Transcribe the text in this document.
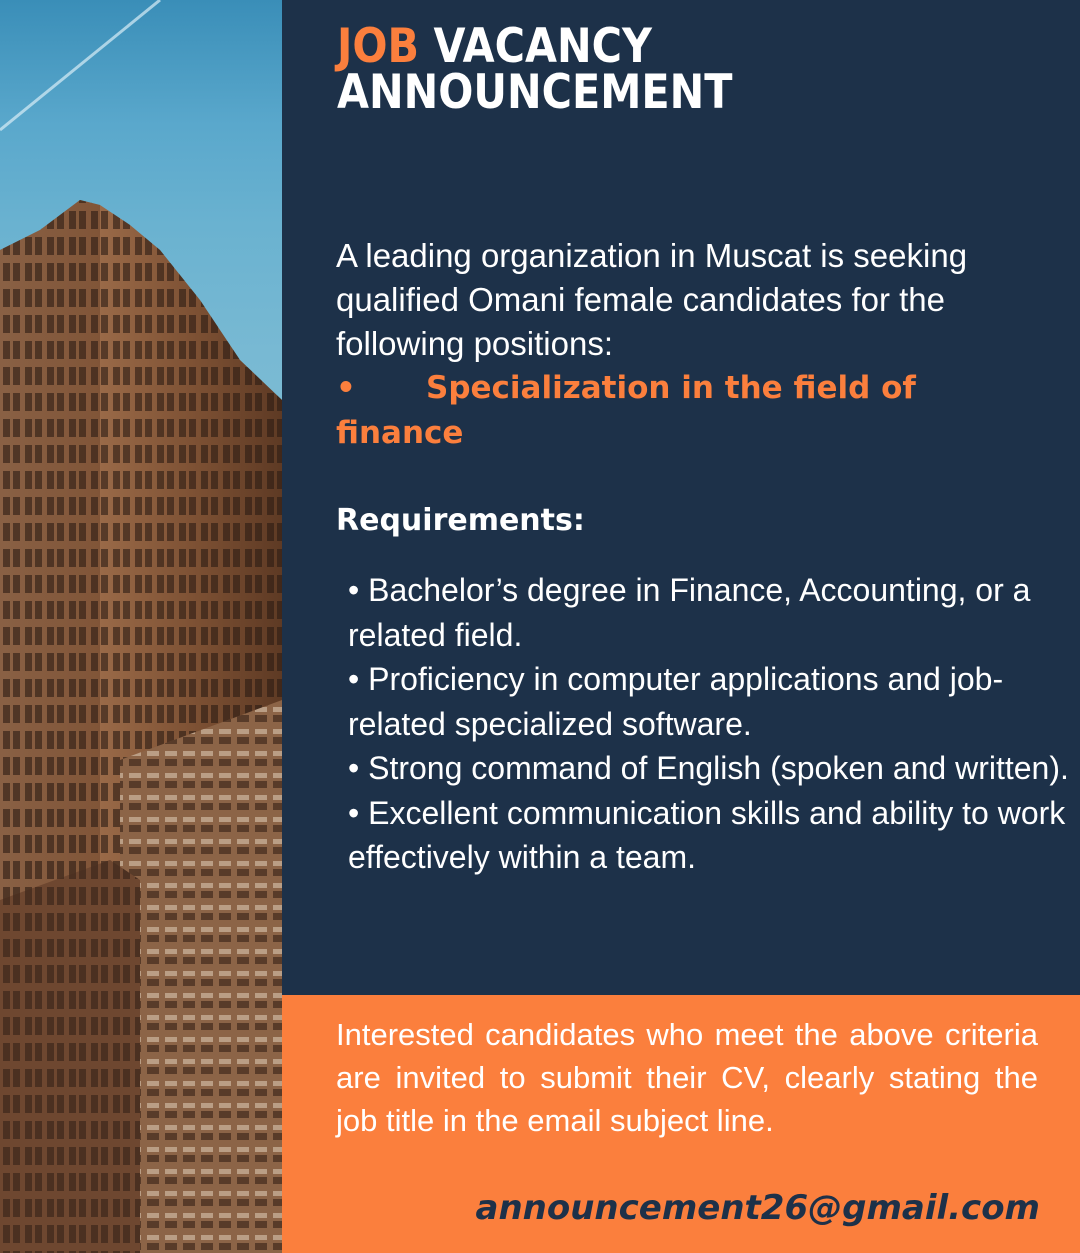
JOB VACANCY
ANNOUNCEMENT

A leading organization in Muscat is seeking qualified Omani female candidates for the following positions:

• Specialization in the field of finance

Requirements:
• Bachelor’s degree in Finance, Accounting, or a related field.
• Proficiency in computer applications and job-related specialized software.
• Strong command of English (spoken and written).
• Excellent communication skills and ability to work effectively within a team.

Interested candidates who meet the above criteria are invited to submit their CV, clearly stating the job title in the email subject line.

announcement26@gmail.com
